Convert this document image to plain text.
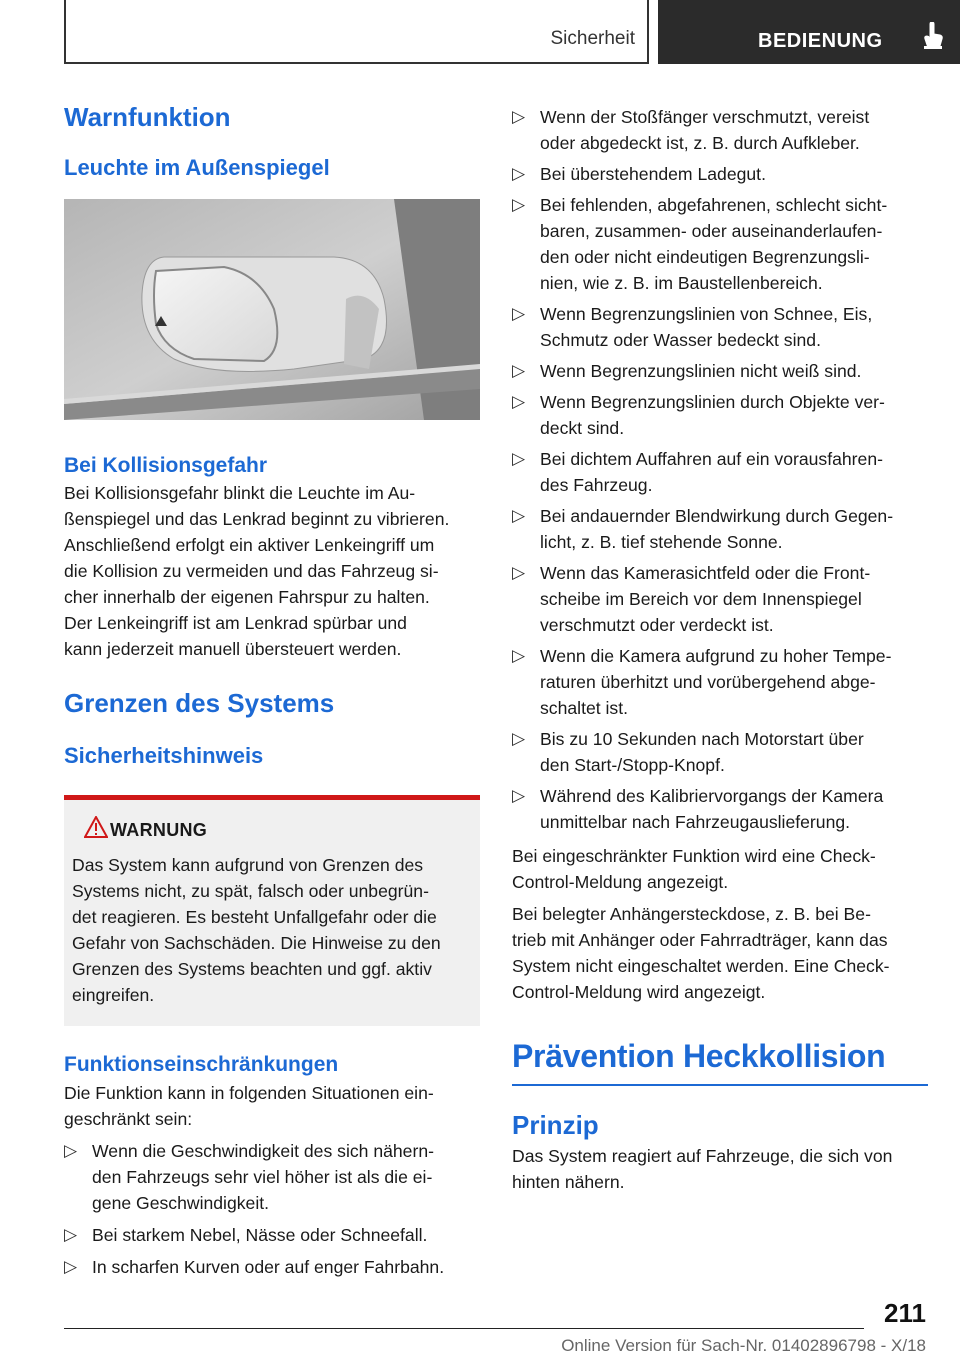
Sicherheit	BEDIENUNG
Warnfunktion
Leuchte im Außenspiegel
Bei Kollisionsgefahr
Bei Kollisionsgefahr blinkt die Leuchte im Au‐
ßenspiegel und das Lenkrad beginnt zu vibrieren.
Anschließend erfolgt ein aktiver Lenkeingriff um
die Kollision zu vermeiden und das Fahrzeug si‐
cher innerhalb der eigenen Fahrspur zu halten.
Der Lenkeingriff ist am Lenkrad spürbar und
kann jederzeit manuell übersteuert werden.
Grenzen des Systems
Sicherheitshinweis
WARNUNG
Das System kann aufgrund von Grenzen des
Systems nicht, zu spät, falsch oder unbegrün‐
det reagieren. Es besteht Unfallgefahr oder die
Gefahr von Sachschäden. Die Hinweise zu den
Grenzen des Systems beachten und ggf. aktiv
eingreifen.
Funktionseinschränkungen
Die Funktion kann in folgenden Situationen ein‐
geschränkt sein:
▷ Wenn die Geschwindigkeit des sich nähern‐
den Fahrzeugs sehr viel höher ist als die ei‐
gene Geschwindigkeit.
▷ Bei starkem Nebel, Nässe oder Schneefall.
▷ In scharfen Kurven oder auf enger Fahrbahn.
▷ Wenn der Stoßfänger verschmutzt, vereist
oder abgedeckt ist, z. B. durch Aufkleber.
▷ Bei überstehendem Ladegut.
▷ Bei fehlenden, abgefahrenen, schlecht sicht‐
baren, zusammen- oder auseinanderlaufen‐
den oder nicht eindeutigen Begrenzungsli‐
nien, wie z. B. im Baustellenbereich.
▷ Wenn Begrenzungslinien von Schnee, Eis,
Schmutz oder Wasser bedeckt sind.
▷ Wenn Begrenzungslinien nicht weiß sind.
▷ Wenn Begrenzungslinien durch Objekte ver‐
deckt sind.
▷ Bei dichtem Auffahren auf ein vorausfahren‐
des Fahrzeug.
▷ Bei andauernder Blendwirkung durch Gegen‐
licht, z. B. tief stehende Sonne.
▷ Wenn das Kamerasichtfeld oder die Front‐
scheibe im Bereich vor dem Innenspiegel
verschmutzt oder verdeckt ist.
▷ Wenn die Kamera aufgrund zu hoher Tempe‐
raturen überhitzt und vorübergehend abge‐
schaltet ist.
▷ Bis zu 10 Sekunden nach Motorstart über
den Start-/Stopp-Knopf.
▷ Während des Kalibriervorgangs der Kamera
unmittelbar nach Fahrzeugauslieferung.
Bei eingeschränkter Funktion wird eine Check-
Control-Meldung angezeigt.
Bei belegter Anhängersteckdose, z. B. bei Be‐
trieb mit Anhänger oder Fahrradträger, kann das
System nicht eingeschaltet werden. Eine Check-
Control-Meldung wird angezeigt.
Prävention Heckkollision
Prinzip
Das System reagiert auf Fahrzeuge, die sich von
hinten nähern.
211
Online Version für Sach-Nr. 01402896798 - X/18
